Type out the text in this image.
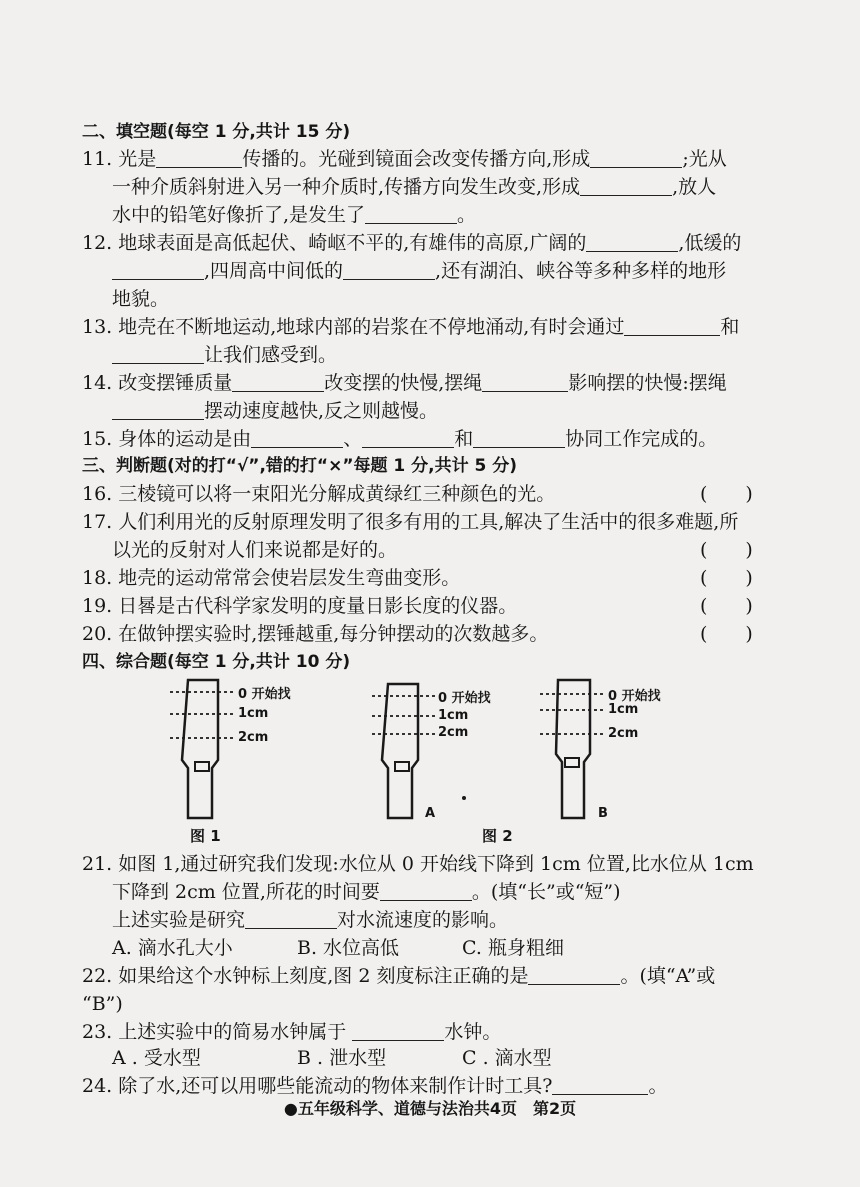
二、填空题(每空 1 分,共计 15 分)
11. 光是	传播的。光碰到镜面会改变传播方向,形成	;光从
一种介质斜射进入另一种介质时,传播方向发生改变,形成	,放人
水中的铅笔好像折了,是发生了	。
12. 地球表面是高低起伏、崎岖不平的,有雄伟的高原,广阔的	,低缓的
,四周高中间低的	,还有湖泊、峡谷等多种多样的地形
地貌。
13. 地壳在不断地运动,地球内部的岩浆在不停地涌动,有时会通过	和
让我们感受到。
14. 改变摆锤质量	改变摆的快慢,摆绳	影响摆的快慢:摆绳
摆动速度越快,反之则越慢。
15. 身体的运动是由	、	和	协同工作完成的。
三、判断题(对的打“√”,错的打“×”每题 1 分,共计 5 分)
16. 三棱镜可以将一束阳光分解成黄绿红三种颜色的光。	(　　)
17. 人们利用光的反射原理发明了很多有用的工具,解决了生活中的很多难题,所
以光的反射对人们来说都是好的。	(　　)
18. 地壳的运动常常会使岩层发生弯曲变形。	(　　)
19. 日晷是古代科学家发明的度量日影长度的仪器。	(　　)
20. 在做钟摆实验时,摆锤越重,每分钟摆动的次数越多。	(　　)
四、综合题(每空 1 分,共计 10 分)
0 开始找
1cm
2cm
0 开始找
1cm
2cm
0 开始找
1cm
2cm
A	B
图 1	图 2
21. 如图 1,通过研究我们发现:水位从 0 开始线下降到 1cm 位置,比水位从 1cm
下降到 2cm 位置,所花的时间要	。(填“长”或“短”)
上述实验是研究	对水流速度的影响。
A. 滴水孔大小	B. 水位高低	C. 瓶身粗细
22. 如果给这个水钟标上刻度,图 2 刻度标注正确的是	。(填“A”或
“B”)
23. 上述实验中的简易水钟属于	水钟。
A . 受水型	B . 泄水型	C . 滴水型
24. 除了水,还可以用哪些能流动的物体来制作计时工具?	。
●五年级科学、道德与法治共4页　第2页
